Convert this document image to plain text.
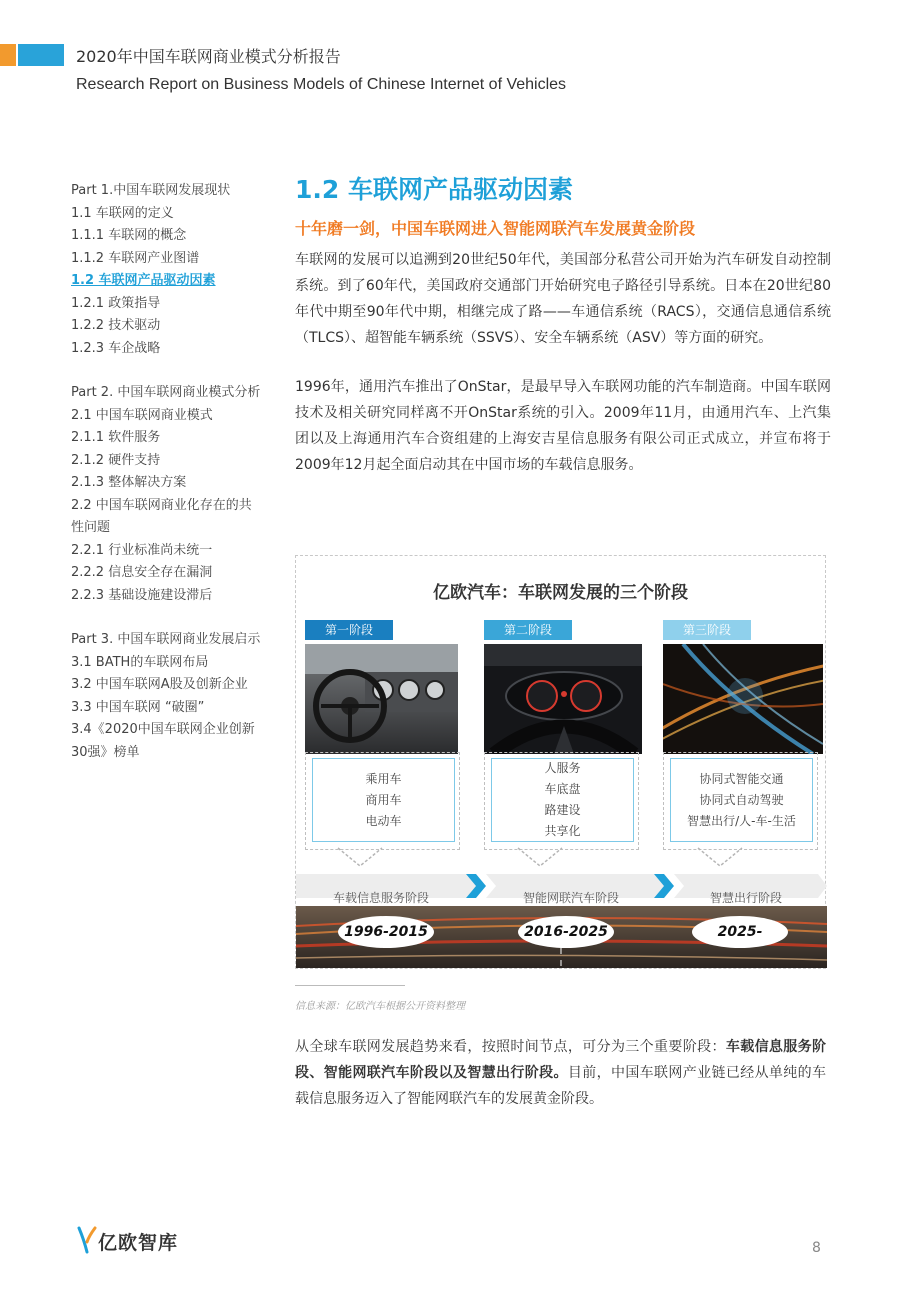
2020年中国车联网商业模式分析报告
Research Report on Business Models of Chinese Internet of Vehicles
Part 1.中国车联网发展现状
1.1 车联网的定义
1.1.1 车联网的概念
1.1.2 车联网产业图谱
1.2 车联网产品驱动因素
1.2.1 政策指导
1.2.2 技术驱动
1.2.3 车企战略
Part 2. 中国车联网商业模式分析
2.1 中国车联网商业模式
2.1.1 软件服务
2.1.2 硬件支持
2.1.3 整体解决方案
2.2 中国车联网商业化存在的共
性问题
2.2.1 行业标准尚未统一
2.2.2 信息安全存在漏洞
2.2.3 基础设施建设滞后
Part 3. 中国车联网商业发展启示
3.1 BATH的车联网布局
3.2 中国车联网A股及创新企业
3.3 中国车联网 “破圈”
3.4《2020中国车联网企业创新
30强》榜单
1.2 车联网产品驱动因素
十年磨一剑，中国车联网进入智能网联汽车发展黄金阶段

车联网的发展可以追溯到20世纪50年代，美国部分私营公司开始为汽车研发自动控制系统。到了60年代，美国政府交通部门开始研究电子路径引导系统。日本在20世纪80年代中期至90年代中期，相继完成了路——车通信系统（RACS），交通信息通信系统（TLCS）、超智能车辆系统（SSVS）、安全车辆系统（ASV）等方面的研究。

1996年，通用汽车推出了OnStar，是最早导入车联网功能的汽车制造商。中国车联网技术及相关研究同样离不开OnStar系统的引入。2009年11月，由通用汽车、上汽集团以及上海通用汽车合资组建的上海安吉星信息服务有限公司正式成立，并宣布将于2009年12月起全面启动其在中国市场的车载信息服务。

亿欧汽车：车联网发展的三个阶段
第一阶段
乘用车
商用车
电动车
第二阶段
人服务
车底盘
路建设
共享化
第三阶段
协同式智能交通
协同式自动驾驶
智慧出行/人-车-生活
车载信息服务阶段	智能网联汽车阶段	智慧出行阶段
1996-2015	2016-2025	2025-
信息来源：亿欧汽车根据公开资料整理

从全球车联网发展趋势来看，按照时间节点，可分为三个重要阶段：车载信息服务阶段、智能网联汽车阶段以及智慧出行阶段。目前，中国车联网产业链已经从单纯的车载信息服务迈入了智能网联汽车的发展黄金阶段。

亿欧智库	8
